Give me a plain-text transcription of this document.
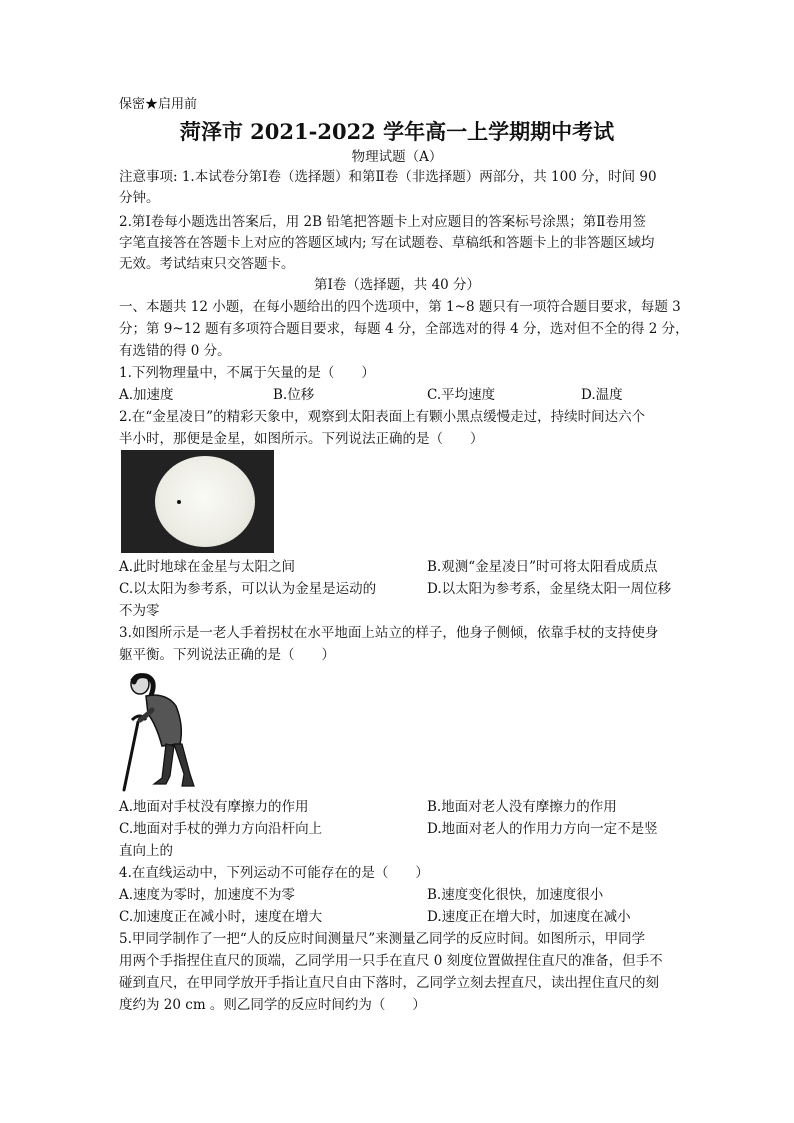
保密★启用前
菏泽市 2021-2022 学年高一上学期期中考试
物理试题（A）
注意事项: 1.本试卷分第Ⅰ卷（选择题）和第Ⅱ卷（非选择题）两部分，共 100 分，时间 90
分钟。
2.第Ⅰ卷每小题选出答案后，用 2B 铅笔把答题卡上对应题目的答案标号涂黑；第Ⅱ卷用签
字笔直接答在答题卡上对应的答题区域内; 写在试题卷、草稿纸和答题卡上的非答题区域均
无效。考试结束只交答题卡。
第Ⅰ卷（选择题，共 40 分）
一、本题共 12 小题，在每小题给出的四个选项中，第 1~8 题只有一项符合题目要求，每题 3
分；第 9~12 题有多项符合题目要求，每题 4 分，全部选对的得 4 分，选对但不全的得 2 分，
有选错的得 0 分。
1.下列物理量中，不属于矢量的是（　　）
A.加速度	B.位移	C.平均速度	D.温度
2.在“金星凌日”的精彩天象中，观察到太阳表面上有颗小黑点缓慢走过，持续时间达六个
半小时，那便是金星，如图所示。下列说法正确的是（　　）
A.此时地球在金星与太阳之间	B.观测“金星凌日”时可将太阳看成质点
C.以太阳为参考系，可以认为金星是运动的	D.以太阳为参考系，金星绕太阳一周位移
不为零
3.如图所示是一老人手着拐杖在水平地面上站立的样子，他身子侧倾，依靠手杖的支持使身
躯平衡。下列说法正确的是（　　）
A.地面对手杖没有摩擦力的作用	B.地面对老人没有摩擦力的作用
C.地面对手杖的弹力方向沿杆向上	D.地面对老人的作用力方向一定不是竖
直向上的
4.在直线运动中，下列运动不可能存在的是（　　）
A.速度为零时，加速度不为零	B.速度变化很快，加速度很小
C.加速度正在减小时，速度在增大	D.速度正在增大时，加速度在减小
5.甲同学制作了一把“人的反应时间测量尺”来测量乙同学的反应时间。如图所示，甲同学
用两个手指捏住直尺的顶端，乙同学用一只手在直尺 0 刻度位置做捏住直尺的准备，但手不
碰到直尺，在甲同学放开手指让直尺自由下落时，乙同学立刻去捏直尺，读出捏住直尺的刻
度约为 20 cm 。则乙同学的反应时间约为（　　）
